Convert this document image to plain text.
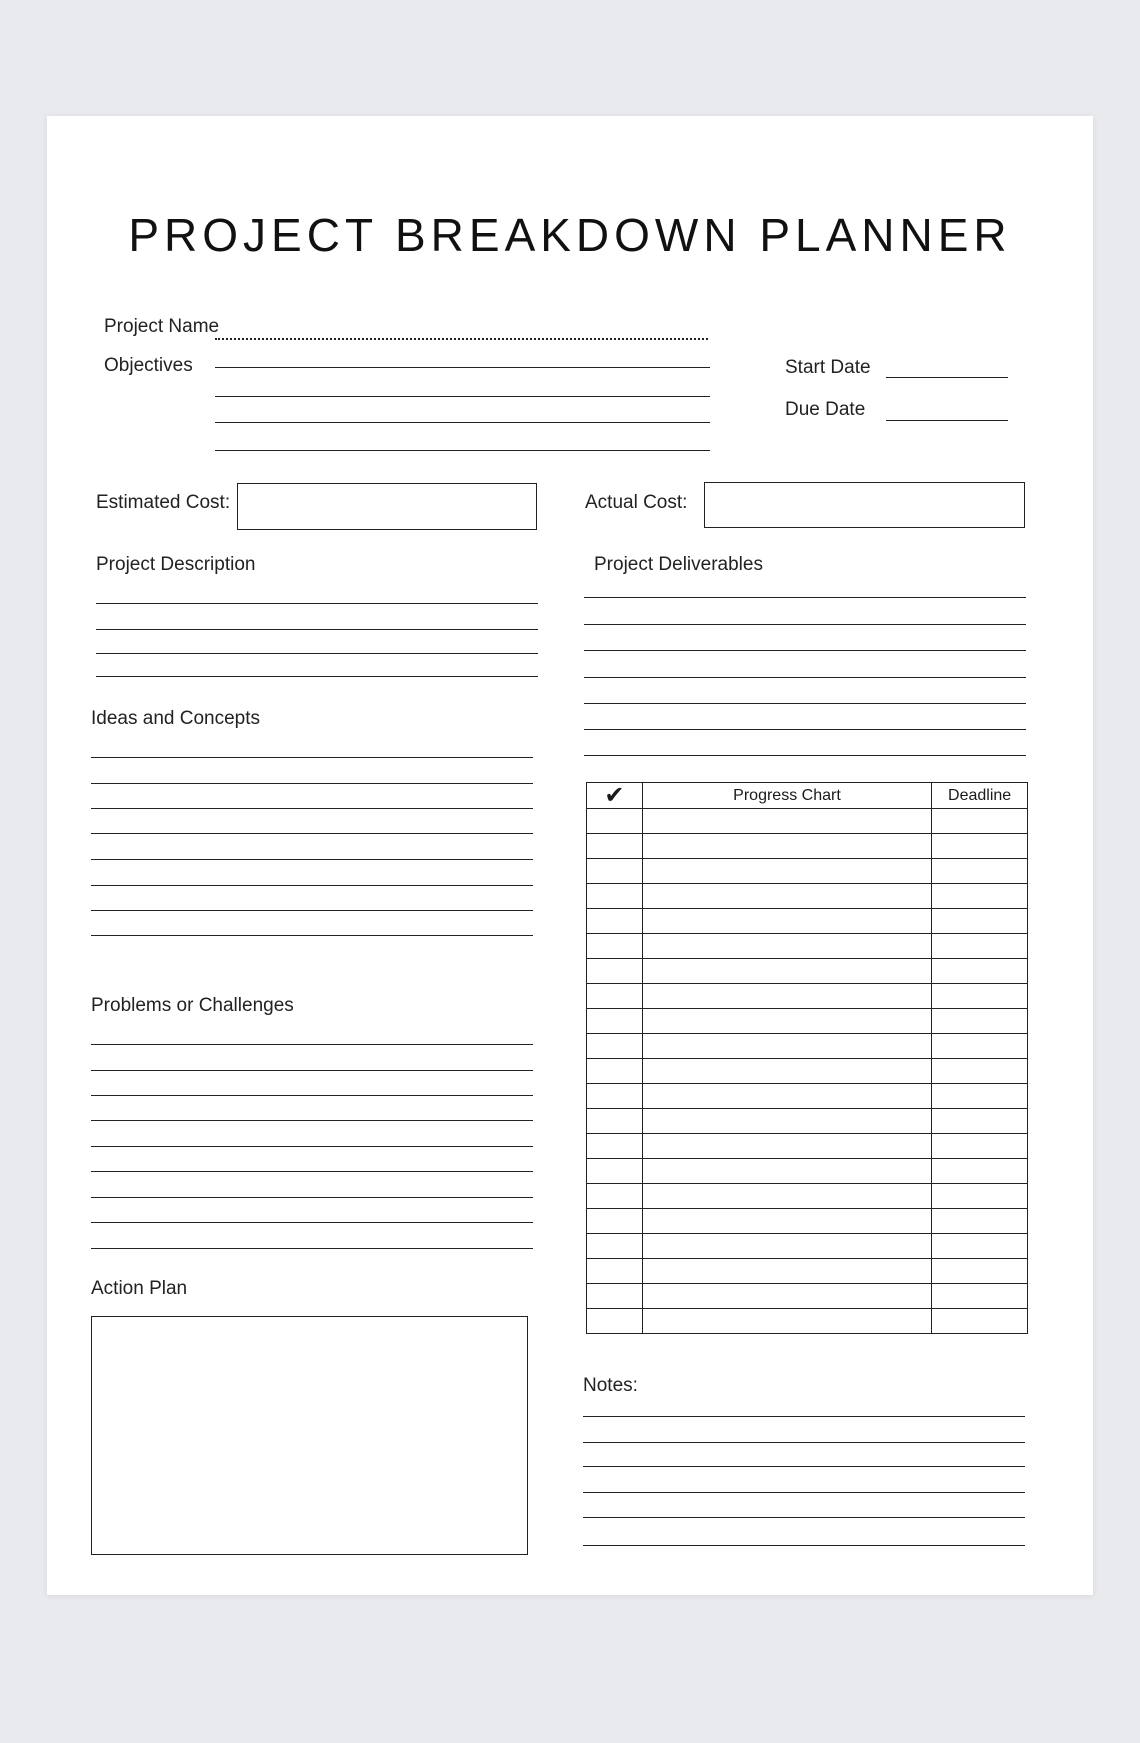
PROJECT BREAKDOWN PLANNER
Project Name
Objectives	Start Date
Due Date
Estimated Cost:	Actual Cost:
Project Description	Project Deliverables
Ideas and Concepts
Problems or Challenges
Action Plan
✔	Progress Chart	Deadline

Notes:
